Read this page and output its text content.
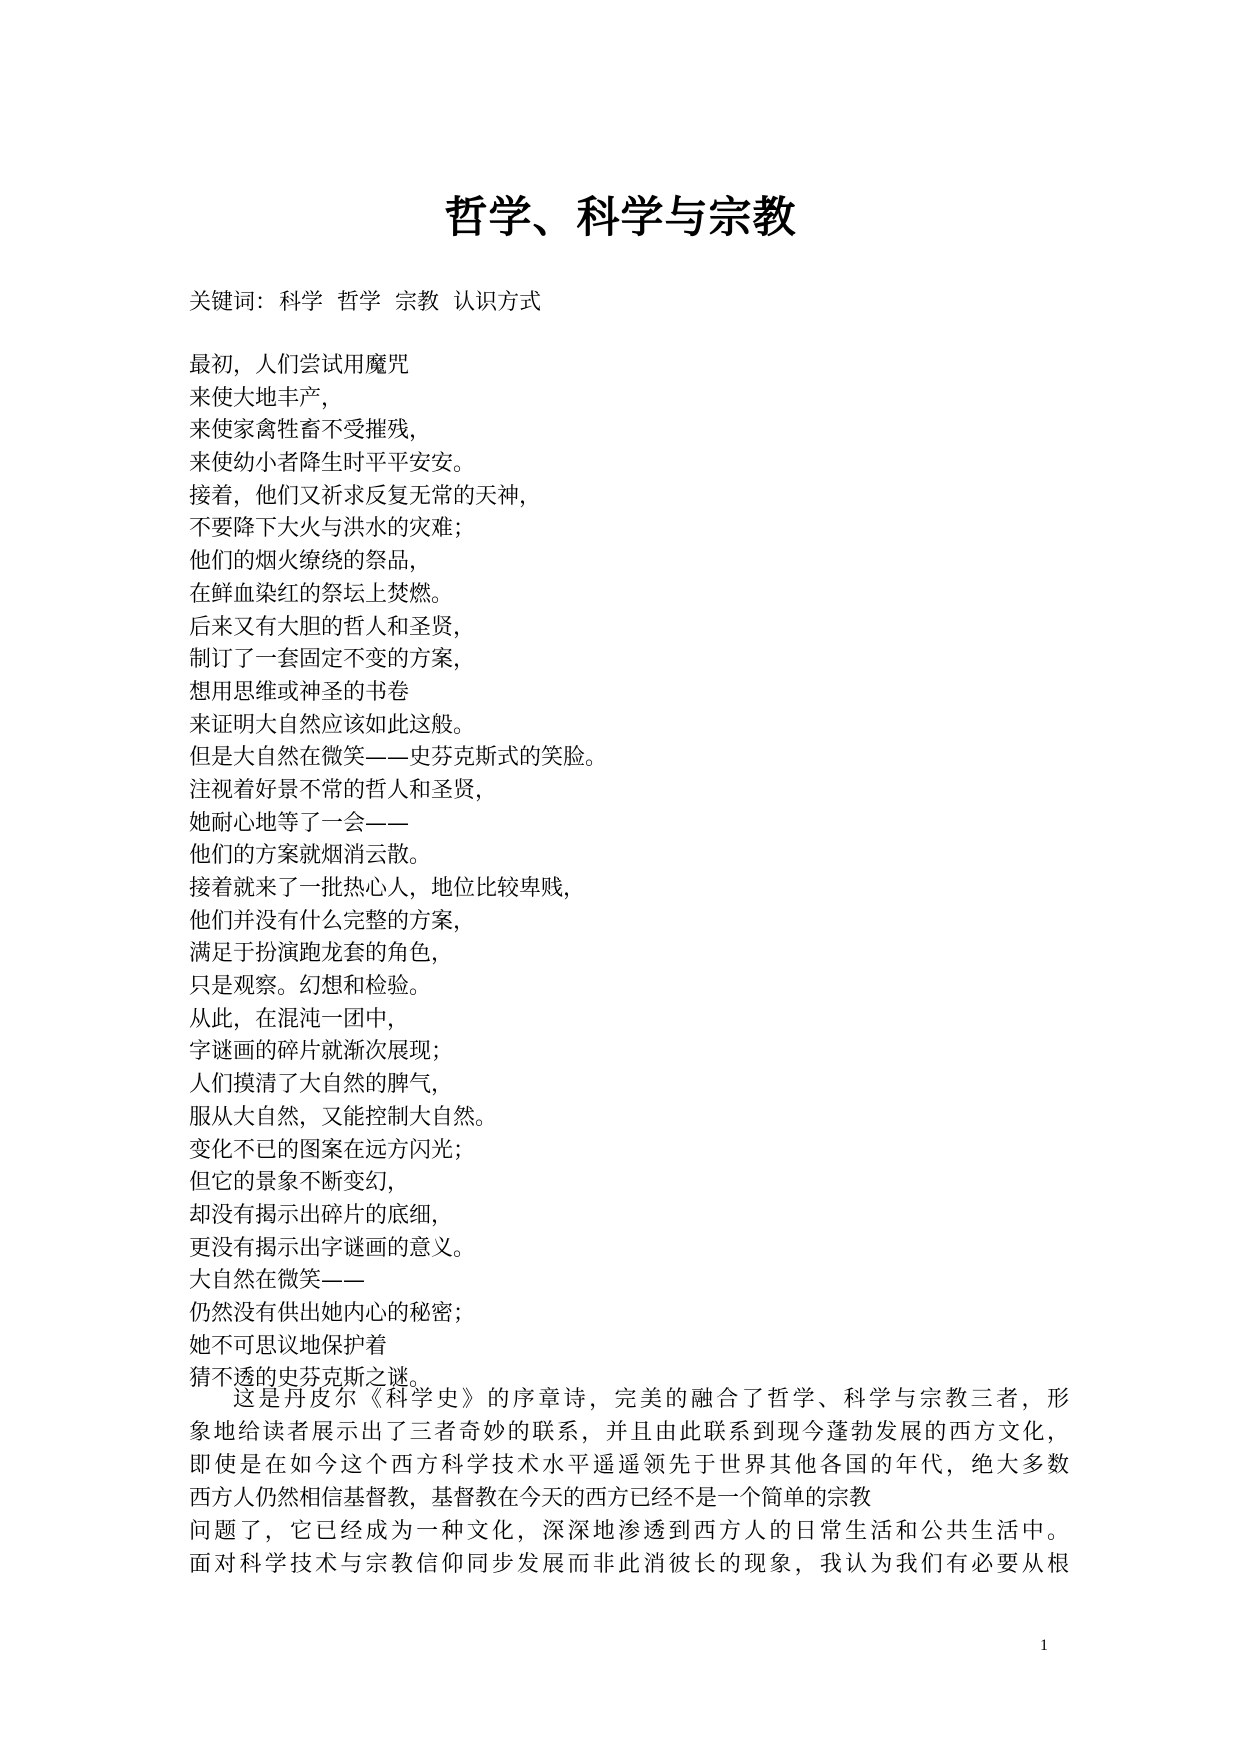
哲学、科学与宗教
关键词：科学 哲学 宗教 认识方式
最初，人们尝试用魔咒
来使大地丰产，
来使家禽牲畜不受摧残，
来使幼小者降生时平平安安。
接着，他们又祈求反复无常的天神，
不要降下大火与洪水的灾难；
他们的烟火缭绕的祭品，
在鲜血染红的祭坛上焚燃。
后来又有大胆的哲人和圣贤，
制订了一套固定不变的方案，
想用思维或神圣的书卷
来证明大自然应该如此这般。
但是大自然在微笑——史芬克斯式的笑脸。
注视着好景不常的哲人和圣贤，
她耐心地等了一会——
他们的方案就烟消云散。
接着就来了一批热心人，地位比较卑贱，
他们并没有什么完整的方案，
满足于扮演跑龙套的角色，
只是观察。幻想和检验。
从此，在混沌一团中，
字谜画的碎片就渐次展现；
人们摸清了大自然的脾气，
服从大自然，又能控制大自然。
变化不已的图案在远方闪光；
但它的景象不断变幻，
却没有揭示出碎片的底细，
更没有揭示出字谜画的意义。
大自然在微笑——
仍然没有供出她内心的秘密；
她不可思议地保护着
猜不透的史芬克斯之谜。
这是丹皮尔《科学史》的序章诗，完美的融合了哲学、科学与宗教三者，形
象地给读者展示出了三者奇妙的联系，并且由此联系到现今蓬勃发展的西方文化，
即使是在如今这个西方科学技术水平遥遥领先于世界其他各国的年代，绝大多数
西方人仍然相信基督教，基督教在今天的西方已经不是一个简单的宗教
问题了，它已经成为一种文化，深深地渗透到西方人的日常生活和公共生活中。
面对科学技术与宗教信仰同步发展而非此消彼长的现象，我认为我们有必要从根
1
